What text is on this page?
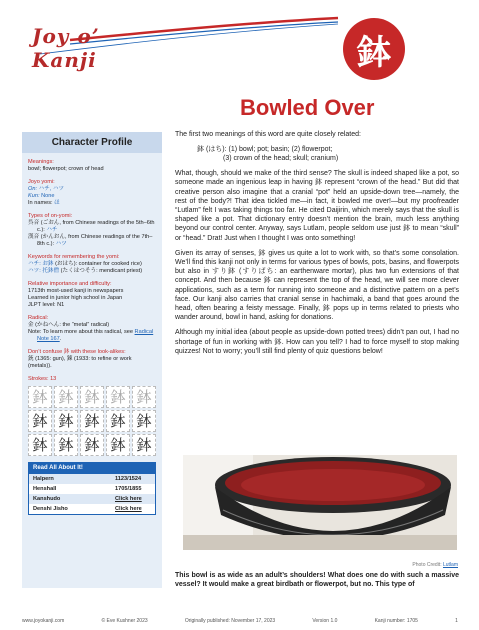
Joy o’ Kanji	鉢
Bowled Over
Character Profile
Meanings:
bowl; flowerpot; crown of head
Joyo yomi:
On: ハチ, ハツ
Kun: None
In names: ほ
Types of on-yomi:
呉音 (ごおん, from Chinese readings of the 5th–6th c.): ハチ
漢音 (かんおん, from Chinese readings of the 7th–8th c.): ハツ
Keywords for remembering the yomi:
ハチ: お鉢 (おはち): container for cooked rice)
ハツ: 托鉢僧 (たくはつそう: mendicant priest)
Relative importance and difficulty:
1713th most-used kanji in newspapers
Learned in junior high school in Japan
JLPT level: N1
Radical:
金 (かねへん: the “metal” radical)
Note: To learn more about this radical, see Radical Note 167.
Don’t confuse 鉢 with these look-alikes:
銃 (1365: gun), 錬 (1933: to refine or work (metals)).
Strokes: 13
鉢 鉢 鉢 鉢 鉢
鉢 鉢 鉢 鉢 鉢
鉢 鉢 鉢 鉢 鉢
Read All About It!
Halpern	1123/1524
Henshall	1705/1855
Kanshudo	Click here
Denshi Jisho	Click here

The first two meanings of this word are quite closely related:

鉢 (はち): (1) bowl; pot; basin; (2) flowerpot;
(3) crown of the head; skull; cranium)

What, though, should we make of the third sense? The skull is indeed shaped like a pot, so someone made an ingenious leap in having 鉢 represent “crown of the head.” But did that creative person also imagine that a cranial “pot” held an upside-down tree—namely, the rest of the body?! That idea tickled me—in fact, it bowled me over!—but my proofreader “Lutlam” felt I was taking things too far. He cited Daijirin, which merely says that the skull is shaped like a pot. That dictionary entry doesn’t mention the brain, much less anything beyond our control center. Anyway, says Lutlam, people seldom use just 鉢 to mean “skull” or “head.” Drat! Just when I thought I was onto something!

Given its array of senses, 鉢 gives us quite a lot to work with, so that’s some consolation. We’ll find this kanji not only in terms for various types of bowls, pots, basins, and flowerpots but also in すり鉢 (すりばち: an earthenware mortar), plus two fun extensions of that concept. And then because 鉢 can represent the top of the head, we will see more clever applications, such as a term for running into someone and a distinctive pattern on a pet’s face. Our kanji also carries that cranial sense in hachimaki, a band that goes around the head, often bearing a feisty message. Finally, 鉢 pops up in terms related to priests who wander around, bowl in hand, asking for donations.

Although my initial idea (about people as upside-down potted trees) didn’t pan out, I had no shortage of fun in working with 鉢. How can you tell? I had to force myself to stop making quizzes! Not to worry; you’ll still find plenty of quiz questions below!

Photo Credit: Lutlam
This bowl is as wide as an adult’s shoulders! What does one do with such a massive vessel? It would make a great birdbath or flowerpot, but no. This type of
www.joyokanji.com	© Eve Kushner 2023	Originally published: November 17, 2023	Version 1.0	Kanji number: 1705	1
